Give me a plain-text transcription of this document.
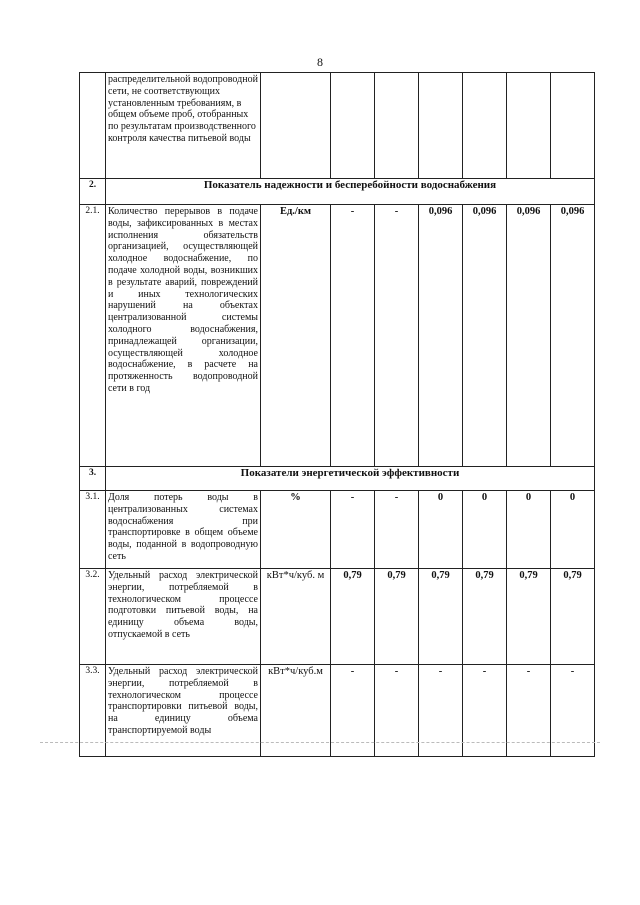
8
	распределительной водопроводной сети, не соответствующих установленным требованиям, в общем объеме проб, отобранных по результатам производственного контроля качества питьевой воды							
2.	Показатель надежности и бесперебойности водоснабжения							
2.1.	Количество перерывов в подаче воды, зафиксированных в местах исполнения обязательств организацией, осуществляющей холодное водоснабжение, по подаче холодной воды, возникших в результате аварий, повреждений и иных технологических нарушений на объектах централизованной системы холодного водоснабжения, принадлежащей организации, осуществляющей холодное водоснабжение, в расчете на протяженность водопроводной сети в год	Ед./км	-	-	0,096	0,096	0,096	0,096
3.	Показатели энергетической эффективности							
3.1.	Доля потерь воды в централизованных системах водоснабжения при транспортировке в общем объеме воды, поданной в водопроводную сеть	%	-	-	0	0	0	0
3.2.	Удельный расход электрической энергии, потребляемой в технологическом процессе подготовки питьевой воды, на единицу объема воды, отпускаемой в сеть	кВт*ч/куб. м	0,79	0,79	0,79	0,79	0,79	0,79
3.3.	Удельный расход электрической энергии, потребляемой в технологическом процессе транспортировки питьевой воды, на единицу объема транспортируемой воды	кВт*ч/куб.м	-	-	-	-	-	-
